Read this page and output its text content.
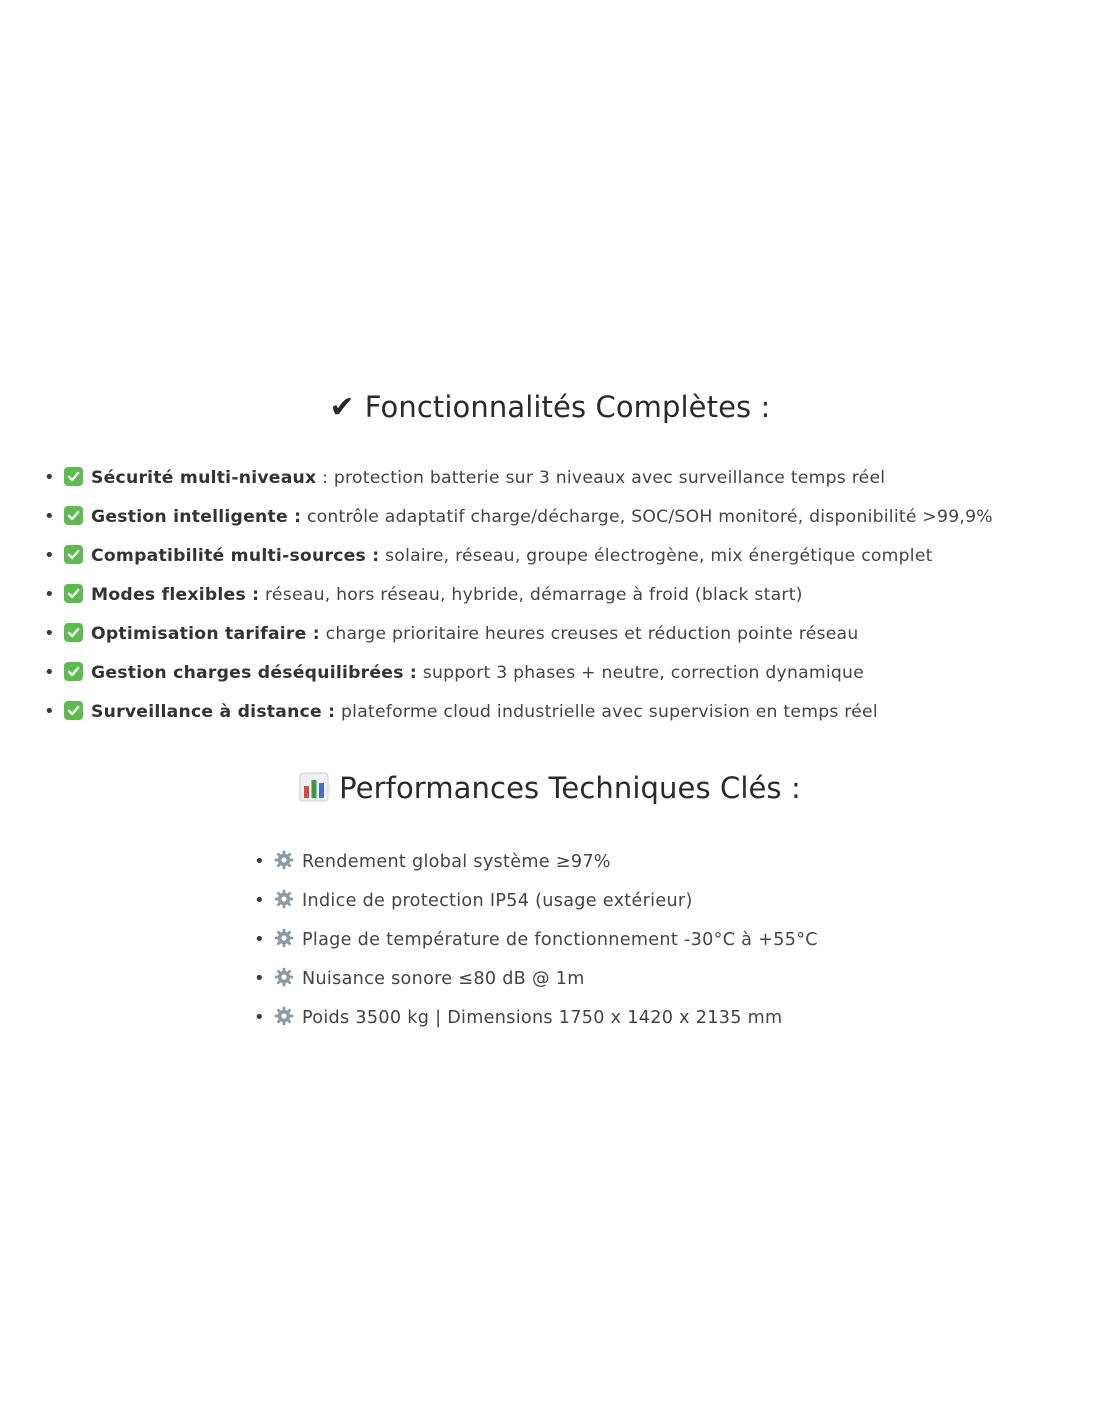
✔ Fonctionnalités Complètes :
• Sécurité multi-niveaux : protection batterie sur 3 niveaux avec surveillance temps réel
• Gestion intelligente : contrôle adaptatif charge/décharge, SOC/SOH monitoré, disponibilité >99,9%
• Compatibilité multi-sources : solaire, réseau, groupe électrogène, mix énergétique complet
• Modes flexibles : réseau, hors réseau, hybride, démarrage à froid (black start)
• Optimisation tarifaire : charge prioritaire heures creuses et réduction pointe réseau
• Gestion charges déséquilibrées : support 3 phases + neutre, correction dynamique
• Surveillance à distance : plateforme cloud industrielle avec supervision en temps réel
Performances Techniques Clés :
• Rendement global système ≥97%
• Indice de protection IP54 (usage extérieur)
• Plage de température de fonctionnement -30°C à +55°C
• Nuisance sonore ≤80 dB @ 1m
• Poids 3500 kg | Dimensions 1750 x 1420 x 2135 mm
